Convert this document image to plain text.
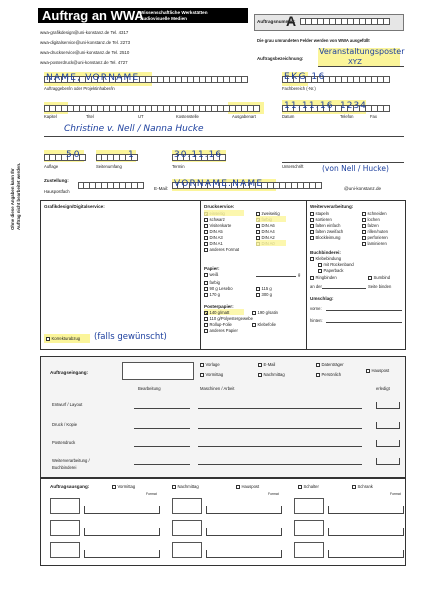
Auftrag an WWA
Wissenschaftliche Werkstätten
Audiovisuelle Medien
wwa-grafikdesign@uni-konstanz.de Tel. 4317
wwa-digitalservice@uni-konstanz.de Tel. 2273
wwa-druckservice@uni-konstanz.de Tel. 2510
wwa-posterdruck@uni-konstanz.de Tel. 4727
Auftragsnummer:
A
Die grau umrandeten Felder werden von WWA ausgefüllt
Auftragsbezeichnung:
Veranstaltungsposter
XYZ
Ohne diese Angaben kann Ihr Auftrag nicht bearbeitet werden.
NAME, VORNAME
Auftraggeber/in oder Projektinhaber/in
EKG 16
Fachbereich (-Nr.)
Kapitel	Titel	UT	Kostenstelle	Ausgabenart
11.11.16 1234
Datum	Telefon	Fax
Christine v. Nell / Nanna Hucke
50	1	30.11.16
Auflage	Seitenumfang	Termin	Unterschrift (von Nell / Hucke)
Zustellung:
Hauspostfach
E-Mail: VORNAME.NAME	@uni-konstanz.de
Grafikdesign/Digitalservice:	Druckservice:
schwarz
Visitenkarte
DIN A5
DIN A3
DIN A1
anderes Format
zweiseitig
DIN A6
DIN A4
DIN A2
Papier:
weiß	g
farbig
90 g Lesebo	115 g
170 g	300 g
Posterpapier:
✕140 g/matt	190 g/satin
110 g/Polyestergewebe
Rollup-Folie	Klebefolie
anderes Papier
Weiterverarbeitung:
stapeln
sortieren
falten einfach
falten zweifach
Blockleimung
schneiden
lochen
falzen
rillen/nuten
perforieren
laminieren
Buchbinderei:
Klebebindung
mit Rückenband
Paperback
Ringbinden	Sumbind
an der	Seite binden
Umschlag:
vorne:
hinten:
Korrekturabzug (falls gewünscht)
Auftragseingang:
Vorlage	E-Mail	Datenträger
Hauspost
Vormittag	Nachmittag	Persönlich
Bearbeitung	Maschinen / Arbeit	erledigt
Entwurf / Layout
Druck / Kopie
Postendruck
Weiterverarbeitung /
Buchbinderei
Auftragsausgang:	Vormittag	Nachmittag	Hauspost	Schalter	Schrank
Format	Format	Format
